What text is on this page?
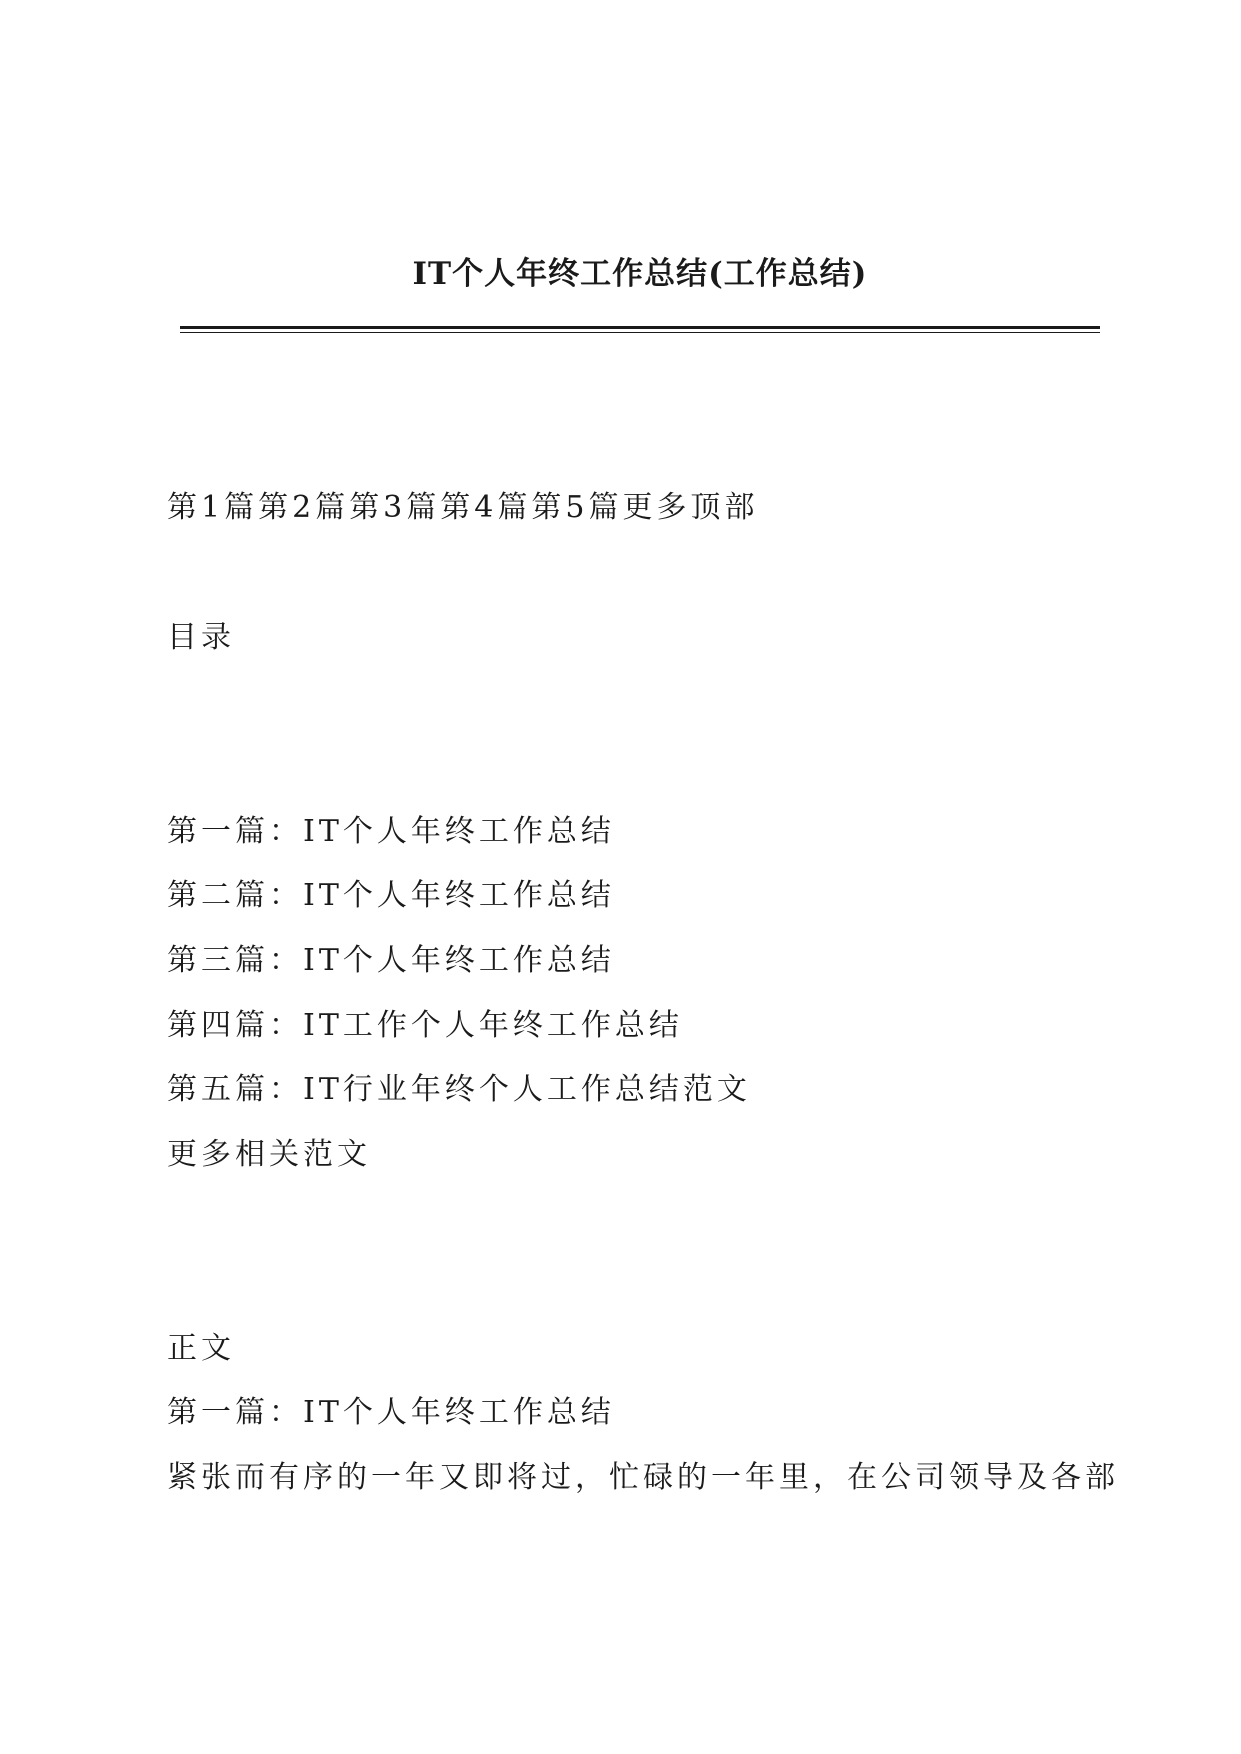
IT个人年终工作总结(工作总结)
第1篇第2篇第3篇第4篇第5篇更多顶部
目录
第一篇：IT个人年终工作总结
第二篇：IT个人年终工作总结
第三篇：IT个人年终工作总结
第四篇：IT工作个人年终工作总结
第五篇：IT行业年终个人工作总结范文
更多相关范文
正文
第一篇：IT个人年终工作总结
紧张而有序的一年又即将过，忙碌的一年里，在公司领导及各部
